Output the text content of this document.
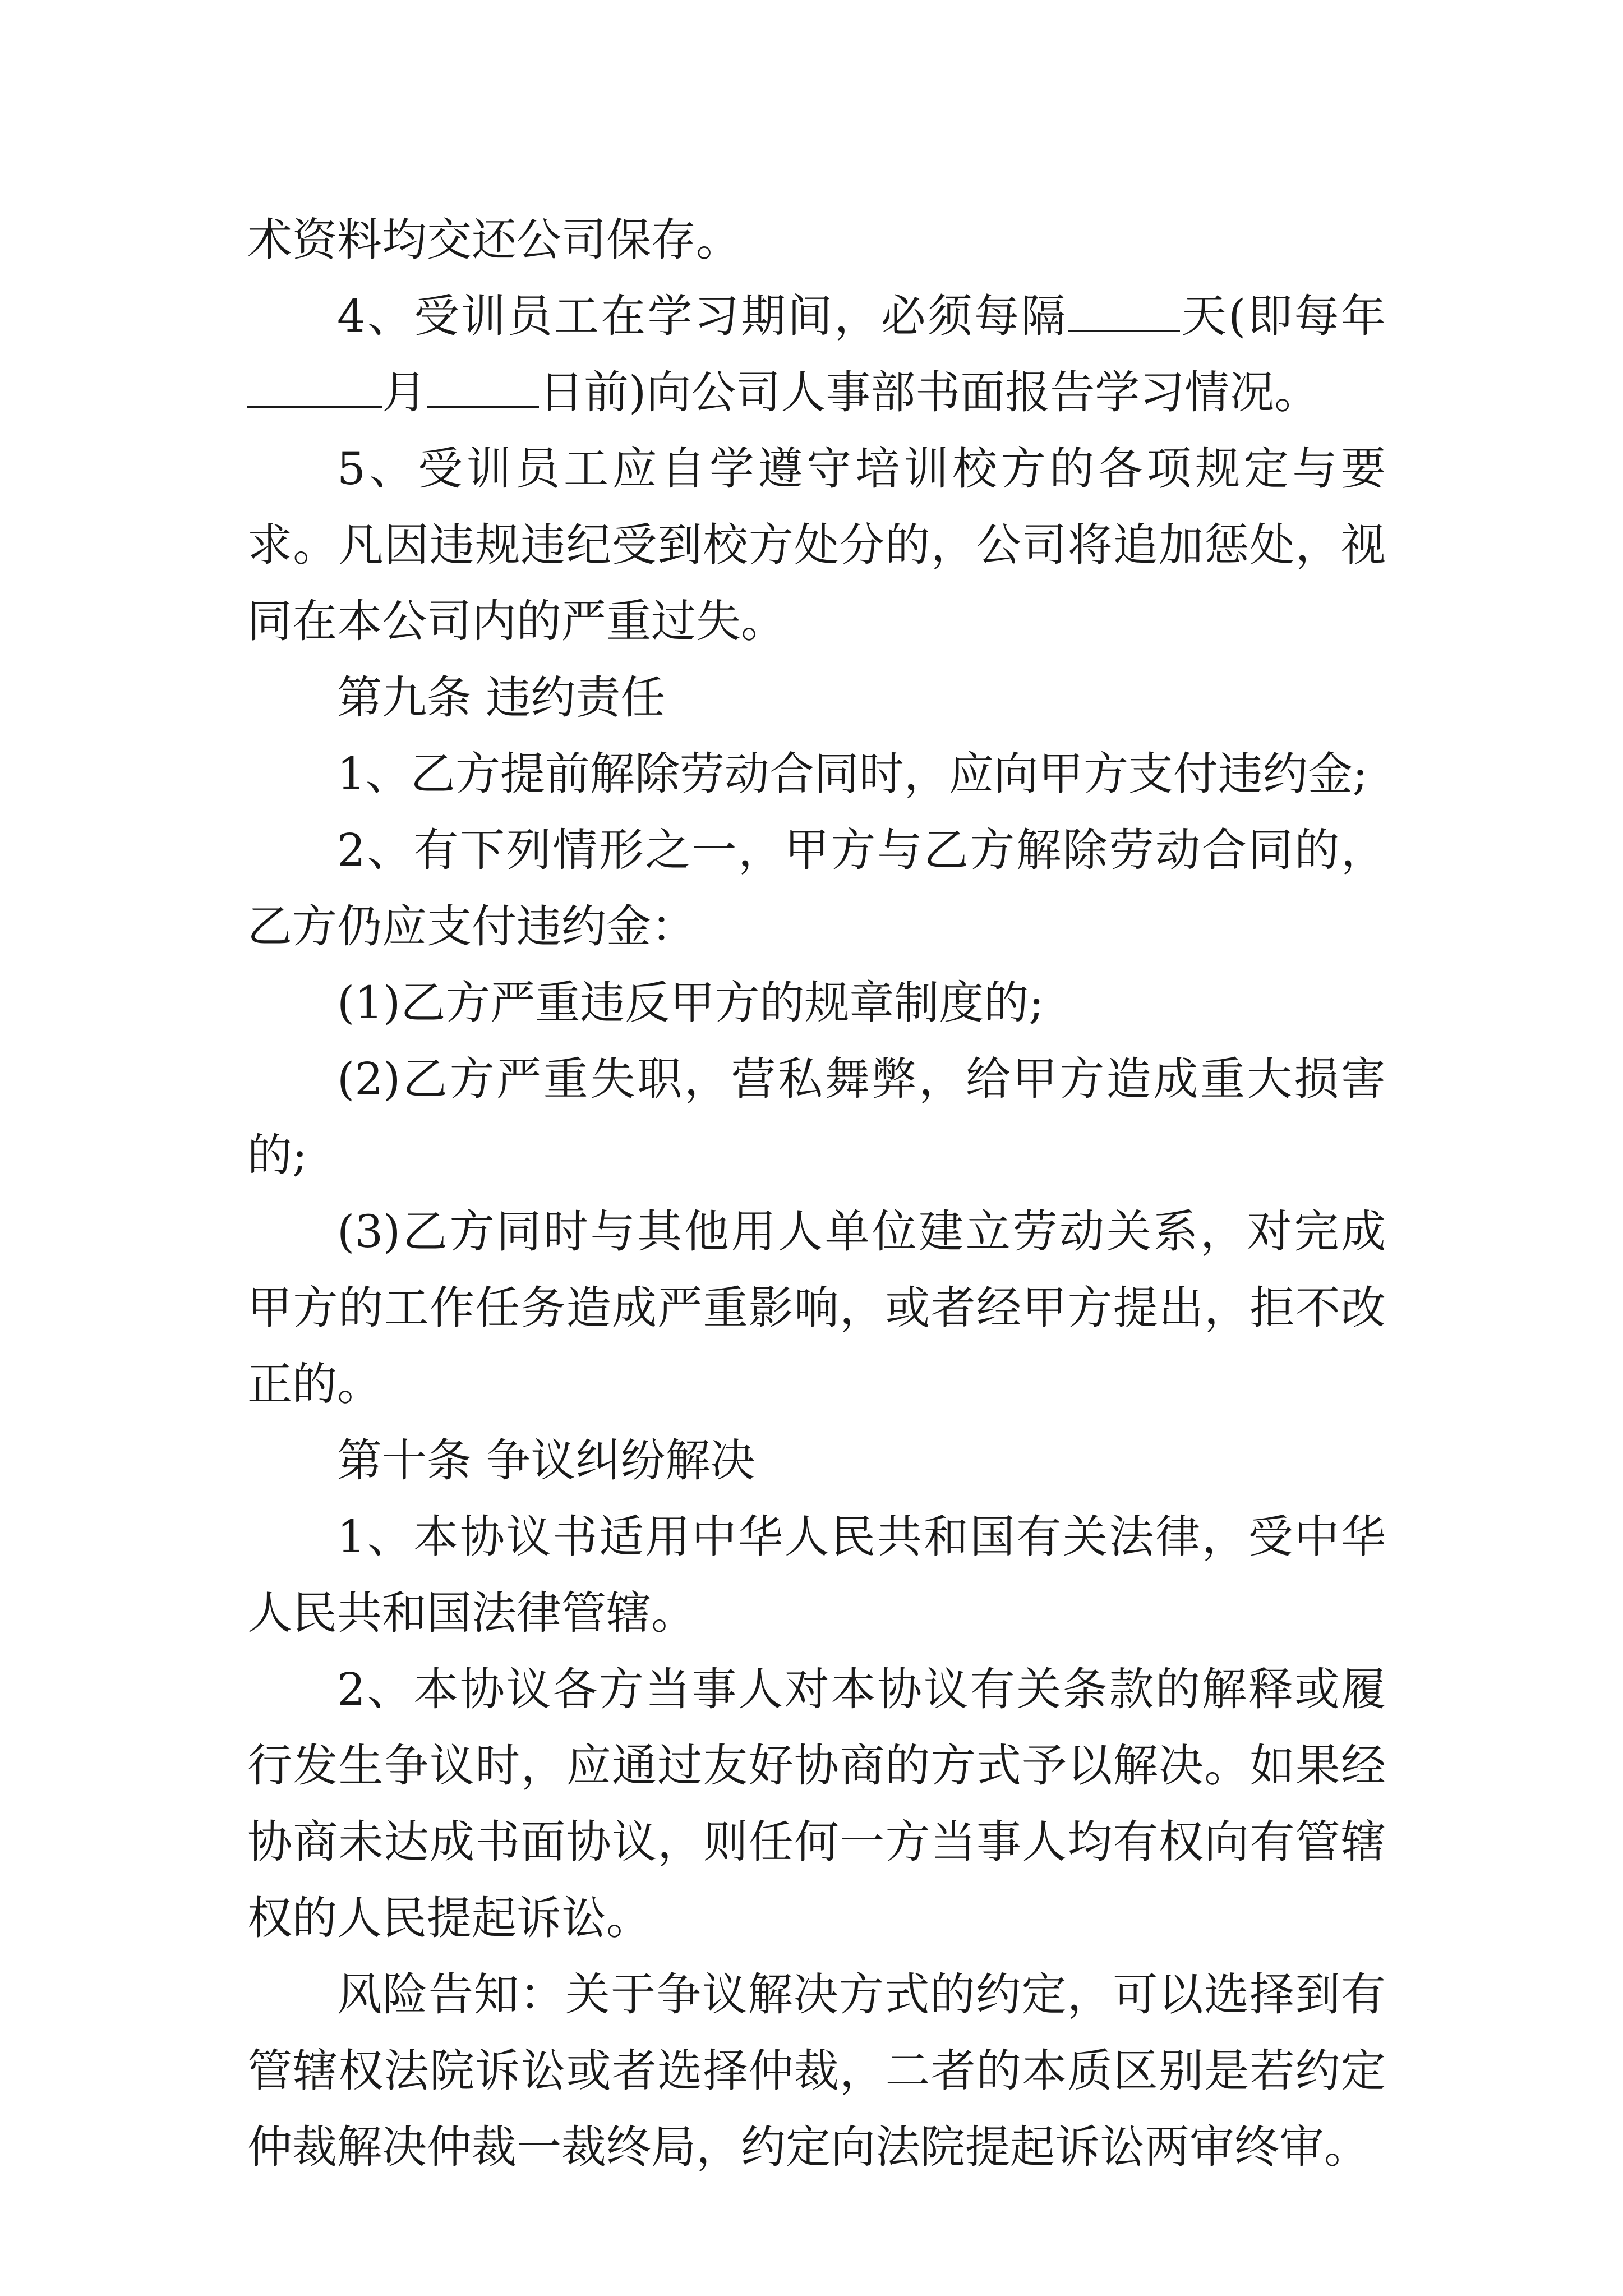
术资料均交还公司保存。

4、受训员工在学习期间，必须每隔	天(即每年月	日前)向公司人事部书面报告学习情况。

5、受训员工应自学遵守培训校方的各项规定与要求。凡因违规违纪受到校方处分的，公司将追加惩处，视同在本公司内的严重过失。

第九条 违约责任

1、乙方提前解除劳动合同时，应向甲方支付违约金;

2、有下列情形之一，甲方与乙方解除劳动合同的，乙方仍应支付违约金：

(1)乙方严重违反甲方的规章制度的;

(2)乙方严重失职，营私舞弊，给甲方造成重大损害的;

(3)乙方同时与其他用人单位建立劳动关系，对完成甲方的工作任务造成严重影响，或者经甲方提出，拒不改正的。

第十条 争议纠纷解决

1、本协议书适用中华人民共和国有关法律，受中华人民共和国法律管辖。

2、本协议各方当事人对本协议有关条款的解释或履行发生争议时，应通过友好协商的方式予以解决。如果经协商未达成书面协议，则任何一方当事人均有权向有管辖权的人民提起诉讼。

风险告知：关于争议解决方式的约定，可以选择到有管辖权法院诉讼或者选择仲裁，二者的本质区别是若约定仲裁解决仲裁一裁终局，约定向法院提起诉讼两审终审。
